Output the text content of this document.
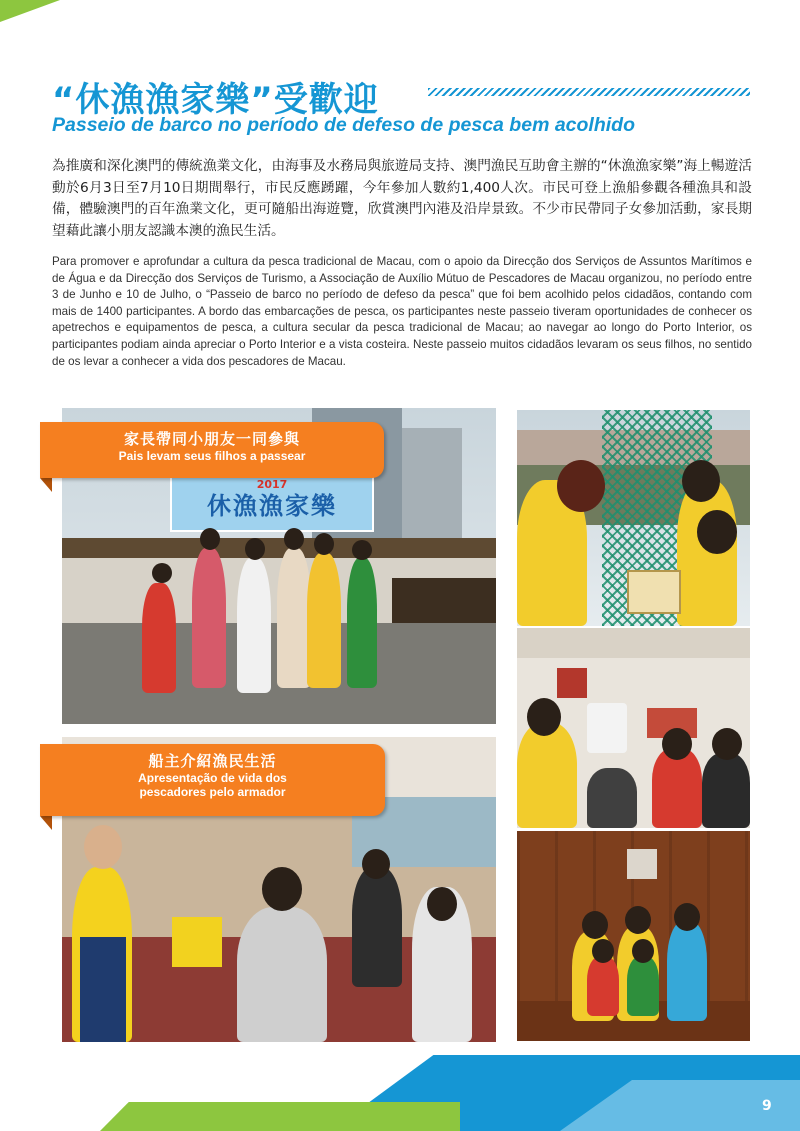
“休漁漁家樂”受歡迎
Passeio de barco no período de defeso de pesca bem acolhido
為推廣和深化澳門的傳統漁業文化，由海事及水務局與旅遊局支持、澳門漁民互助會主辦的“休漁漁家樂”海上暢遊活動於6月3日至7月10日期間舉行，市民反應踴躍，今年參加人數約1,400人次。市民可登上漁船參觀各種漁具和設備，體驗澳門的百年漁業文化，更可隨船出海遊覽，欣賞澳門內港及沿岸景致。不少市民帶同子女參加活動，家長期望藉此讓小朋友認識本澳的漁民生活。
Para promover e aprofundar a cultura da pesca tradicional de Macau, com o apoio da Direcção dos Serviços de Assuntos Marítimos e de Água e da Direcção dos Serviços de Turismo, a Associação de Auxílio Mútuo de Pescadores de Macau organizou, no período entre 3 de Junho e 10 de Julho, o “Passeio de barco no período de defeso da pesca” que foi bem acolhido pelos cidadãos, contando com mais de 1400 participantes. A bordo das embarcações de pesca, os participantes neste passeio tiveram oportunidades de conhecer os apetrechos e equipamentos de pesca, a cultura secular da pesca tradicional de Macau; ao navegar ao longo do Porto Interior, os participantes podiam ainda apreciar o Porto Interior e a vista costeira. Neste passeio muitos cidadãos levaram os seus filhos, no sentido de os levar a conhecer a vida dos pescadores de Macau.
2017
休漁漁家樂
家長帶同小朋友一同參與
Pais levam seus filhos a passear
船主介紹漁民生活
Apresentação de vida dos
pescadores pelo armador
9
